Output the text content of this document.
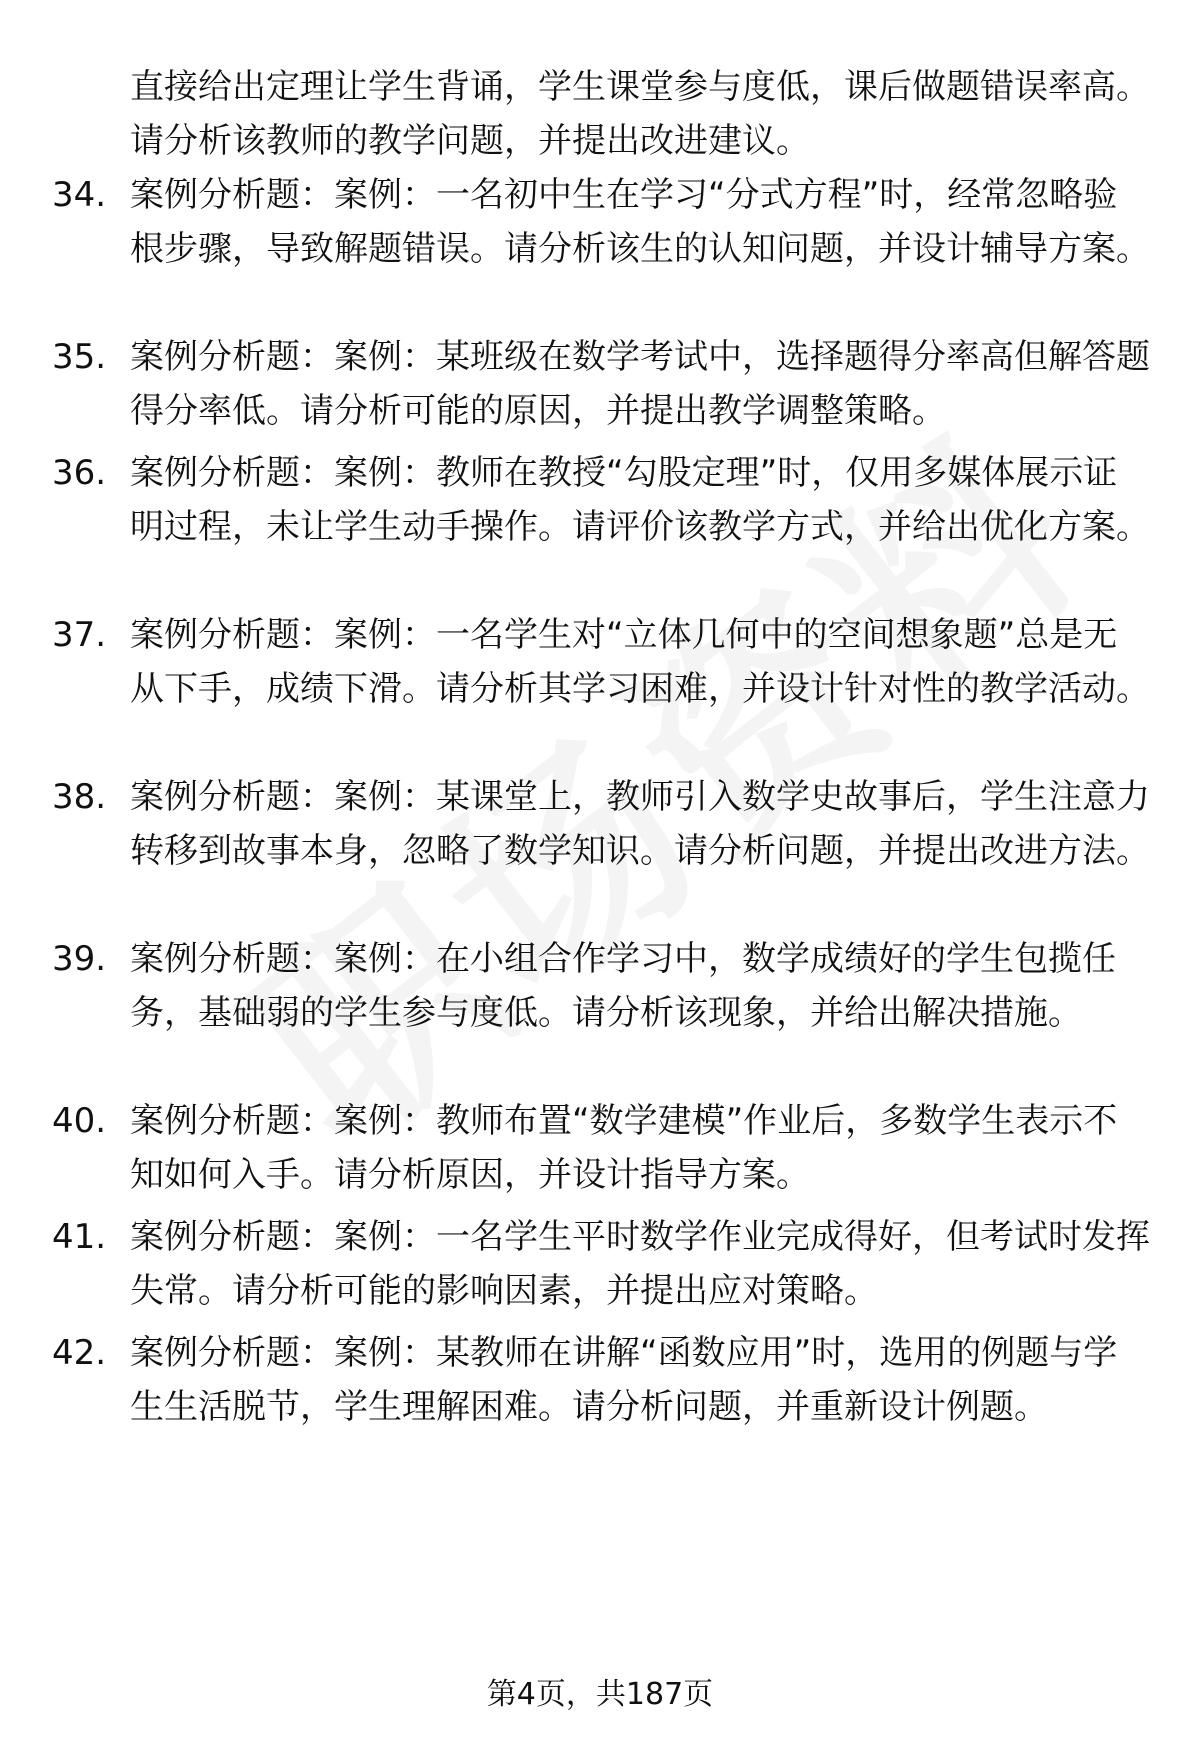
直接给出定理让学生背诵，学生课堂参与度低，课后做题错误率高。请分析该教师的教学问题，并提出改进建议。
34. 案例分析题：案例：一名初中生在学习“分式方程”时，经常忽略验根步骤，导致解题错误。请分析该生的认知问题，并设计辅导方案。
35. 案例分析题：案例：某班级在数学考试中，选择题得分率高但解答题得分率低。请分析可能的原因，并提出教学调整策略。
36. 案例分析题：案例：教师在教授“勾股定理”时，仅用多媒体展示证明过程，未让学生动手操作。请评价该教学方式，并给出优化方案。
37. 案例分析题：案例：一名学生对“立体几何中的空间想象题”总是无从下手，成绩下滑。请分析其学习困难，并设计针对性的教学活动。
38. 案例分析题：案例：某课堂上，教师引入数学史故事后，学生注意力转移到故事本身，忽略了数学知识。请分析问题，并提出改进方法。
39. 案例分析题：案例：在小组合作学习中，数学成绩好的学生包揽任务，基础弱的学生参与度低。请分析该现象，并给出解决措施。
40. 案例分析题：案例：教师布置“数学建模”作业后，多数学生表示不知如何入手。请分析原因，并设计指导方案。
41. 案例分析题：案例：一名学生平时数学作业完成得好，但考试时发挥失常。请分析可能的影响因素，并提出应对策略。
42. 案例分析题：案例：某教师在讲解“函数应用”时，选用的例题与学生生活脱节，学生理解困难。请分析问题，并重新设计例题。
第4页，共187页
